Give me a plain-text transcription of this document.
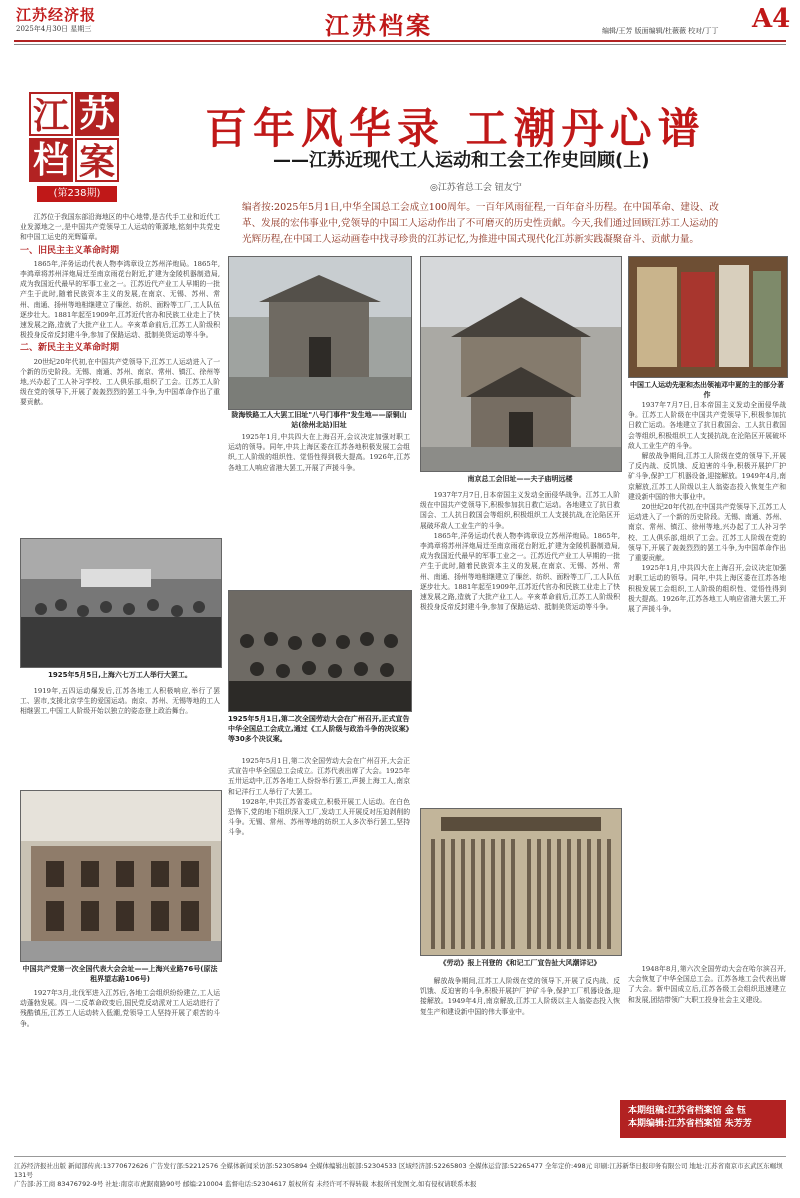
江苏经济报
2025年4月30日 星期三	江苏档案	编辑/王芳 版面编辑/杜薇薇 校对/丁丁 A4
江 苏
档 案
(第238期)
百年风华录 工潮丹心谱
——江苏近现代工人运动和工会工作史回顾(上)
◎江苏省总工会 钮友宁
编者按:2025年5月1日,中华全国总工会成立100周年。一百年风雨征程,一百年奋斗历程。在中国革命、建设、改革、发展的宏伟事业中,党领导的中国工人运动作出了不可磨灭的历史性贡献。今天,我们通过回顾江苏工人运动的光辉历程,在中国工人运动画卷中找寻珍贵的江苏记忆,为推进中国式现代化江苏新实践凝聚奋斗、贡献力量。

江苏位于我国东部沿海地区的中心地带,是古代手工业和近代工业发源地之一,是中国共产党领导工人运动的策源地,铭刻中共党史和中国工运史的光辉篇章。

一、旧民主主义革命时期

1865年,洋务运动代表人物李鸿章设立苏州洋炮局。1865年,李鸿章将苏州洋炮局迁至南京雨花台附近,扩建为金陵机器制造局,成为我国近代最早的军事工业之一。江苏近代产业工人早期的一批产生于此时,随着民族资本主义的发展,在南京、无锡、苏州、常州、南通、扬州等地相继建立了缫丝、纺织、面粉等工厂,工人队伍逐步壮大。1881年起至1909年,江苏近代官办和民族工业走上了快速发展之路,造就了大批产业工人。辛亥革命前后,江苏工人阶级积极投身反帝反封建斗争,参加了保路运动、抵制美货运动等斗争。

二、新民主主义革命时期

20世纪20年代初,在中国共产党领导下,江苏工人运动进入了一个新的历史阶段。无锡、南通、苏州、南京、常州、镇江、徐州等地,兴办起了工人补习学校、工人俱乐部,组织了工会。江苏工人阶级在党的领导下,开展了轰轰烈烈的罢工斗争,为中国革命作出了重要贡献。

1925年5月5日,上海六七万工人举行大罢工。

1919年,五四运动爆发后,江苏各地工人积极响应,举行了罢工、罢市,支援北京学生的爱国运动。南京、苏州、无锡等地的工人相继罢工,中国工人阶级开始以独立的姿态登上政治舞台。

中国共产党第一次全国代表大会会址——上海兴业路76号(原法租界望志路106号)

1927年3月,北伐军进入江苏后,各地工会组织纷纷建立,工人运动蓬勃发展。四一二反革命政变后,国民党反动派对工人运动进行了残酷镇压,江苏工人运动转入低潮,党领导工人坚持开展了艰苦的斗争。

陇海铁路工人大罢工旧址"八号门事件"发生地——原铜山站(徐州北站)旧址

1925年1月,中共四大在上海召开,会议决定加强对职工运动的领导。同年,中共上海区委在江苏各地积极发展工会组织,工人阶级的组织性、觉悟性得到极大提高。1926年,江苏各地工人响应省港大罢工,开展了声援斗争。

1925年5月1日,第二次全国劳动大会在广州召开,正式宣告中华全国总工会成立,通过《工人阶级与政治斗争的决议案》等30多个决议案。

1925年5月1日,第二次全国劳动大会在广州召开,大会正式宣告中华全国总工会成立。江苏代表出席了大会。1925年五卅运动中,江苏各地工人纷纷举行罢工,声援上海工人,南京和记洋行工人举行了大罢工。

1928年,中共江苏省委成立,积极开展工人运动。在白色恐怖下,党的地下组织深入工厂,发动工人开展反对压迫剥削的斗争。无锡、常州、苏州等地的纺织工人多次举行罢工,坚持斗争。

南京总工会旧址——夫子庙明远楼

1937年7月7日,日本帝国主义发动全面侵华战争。江苏工人阶级在中国共产党领导下,积极参加抗日救亡运动。各地建立了抗日救国会、工人抗日救国会等组织,积极组织工人支援抗战,在沦陷区开展破坏敌人工业生产的斗争。

1865年,洋务运动代表人物李鸿章设立苏州洋炮局。1865年,李鸿章将苏州洋炮局迁至南京雨花台附近,扩建为金陵机器制造局,成为我国近代最早的军事工业之一。江苏近代产业工人早期的一批产生于此时,随着民族资本主义的发展,在南京、无锡、苏州、常州、南通、扬州等地相继建立了缫丝、纺织、面粉等工厂,工人队伍逐步壮大。1881年起至1909年,江苏近代官办和民族工业走上了快速发展之路,造就了大批产业工人。辛亥革命前后,江苏工人阶级积极投身反帝反封建斗争,参加了保路运动、抵制美货运动等斗争。

《劳动》报上刊登的《和记工厂宣告扯大风潮详记》

解放战争期间,江苏工人阶级在党的领导下,开展了反内战、反饥饿、反迫害的斗争,积极开展护厂护矿斗争,保护工厂机器设备,迎接解放。1949年4月,南京解放,江苏工人阶级以主人翁姿态投入恢复生产和建设新中国的伟大事业中。

中国工人运动先驱和杰出领袖邓中夏的主的部分著作

1937年7月7日,日本帝国主义发动全面侵华战争。江苏工人阶级在中国共产党领导下,积极参加抗日救亡运动。各地建立了抗日救国会、工人抗日救国会等组织,积极组织工人支援抗战,在沦陷区开展破坏敌人工业生产的斗争。

解放战争期间,江苏工人阶级在党的领导下,开展了反内战、反饥饿、反迫害的斗争,积极开展护厂护矿斗争,保护工厂机器设备,迎接解放。1949年4月,南京解放,江苏工人阶级以主人翁姿态投入恢复生产和建设新中国的伟大事业中。

20世纪20年代初,在中国共产党领导下,江苏工人运动进入了一个新的历史阶段。无锡、南通、苏州、南京、常州、镇江、徐州等地,兴办起了工人补习学校、工人俱乐部,组织了工会。江苏工人阶级在党的领导下,开展了轰轰烈烈的罢工斗争,为中国革命作出了重要贡献。

1925年1月,中共四大在上海召开,会议决定加强对职工运动的领导。同年,中共上海区委在江苏各地积极发展工会组织,工人阶级的组织性、觉悟性得到极大提高。1926年,江苏各地工人响应省港大罢工,开展了声援斗争。

1948年8月,第六次全国劳动大会在哈尔滨召开,大会恢复了中华全国总工会。江苏各地工会代表出席了大会。新中国成立后,江苏各级工会组织迅速建立和发展,团结带领广大职工投身社会主义建设。

本期组稿:江苏省档案馆 金 钰
本期编辑:江苏省档案馆 朱芳芳
江苏经济报社出版 新闻部传真:13770672626 广告发行部:52212576 全媒体新闻采访部:52305894 全媒体编辑出版部:52304533 区域经济部:52265803 全媒体运营部:52265477 全年定价:498元 印刷:江苏新华日报印务有限公司 地址:江苏省南京市玄武区东崛坝131号
广告部:苏工商 83476792-9号 社址:南京市虎踞南路90号 邮编:210004 监督电话:52304617 版权所有 未经许可不得转载 本报所刊发图文,如有侵权请联系本报
